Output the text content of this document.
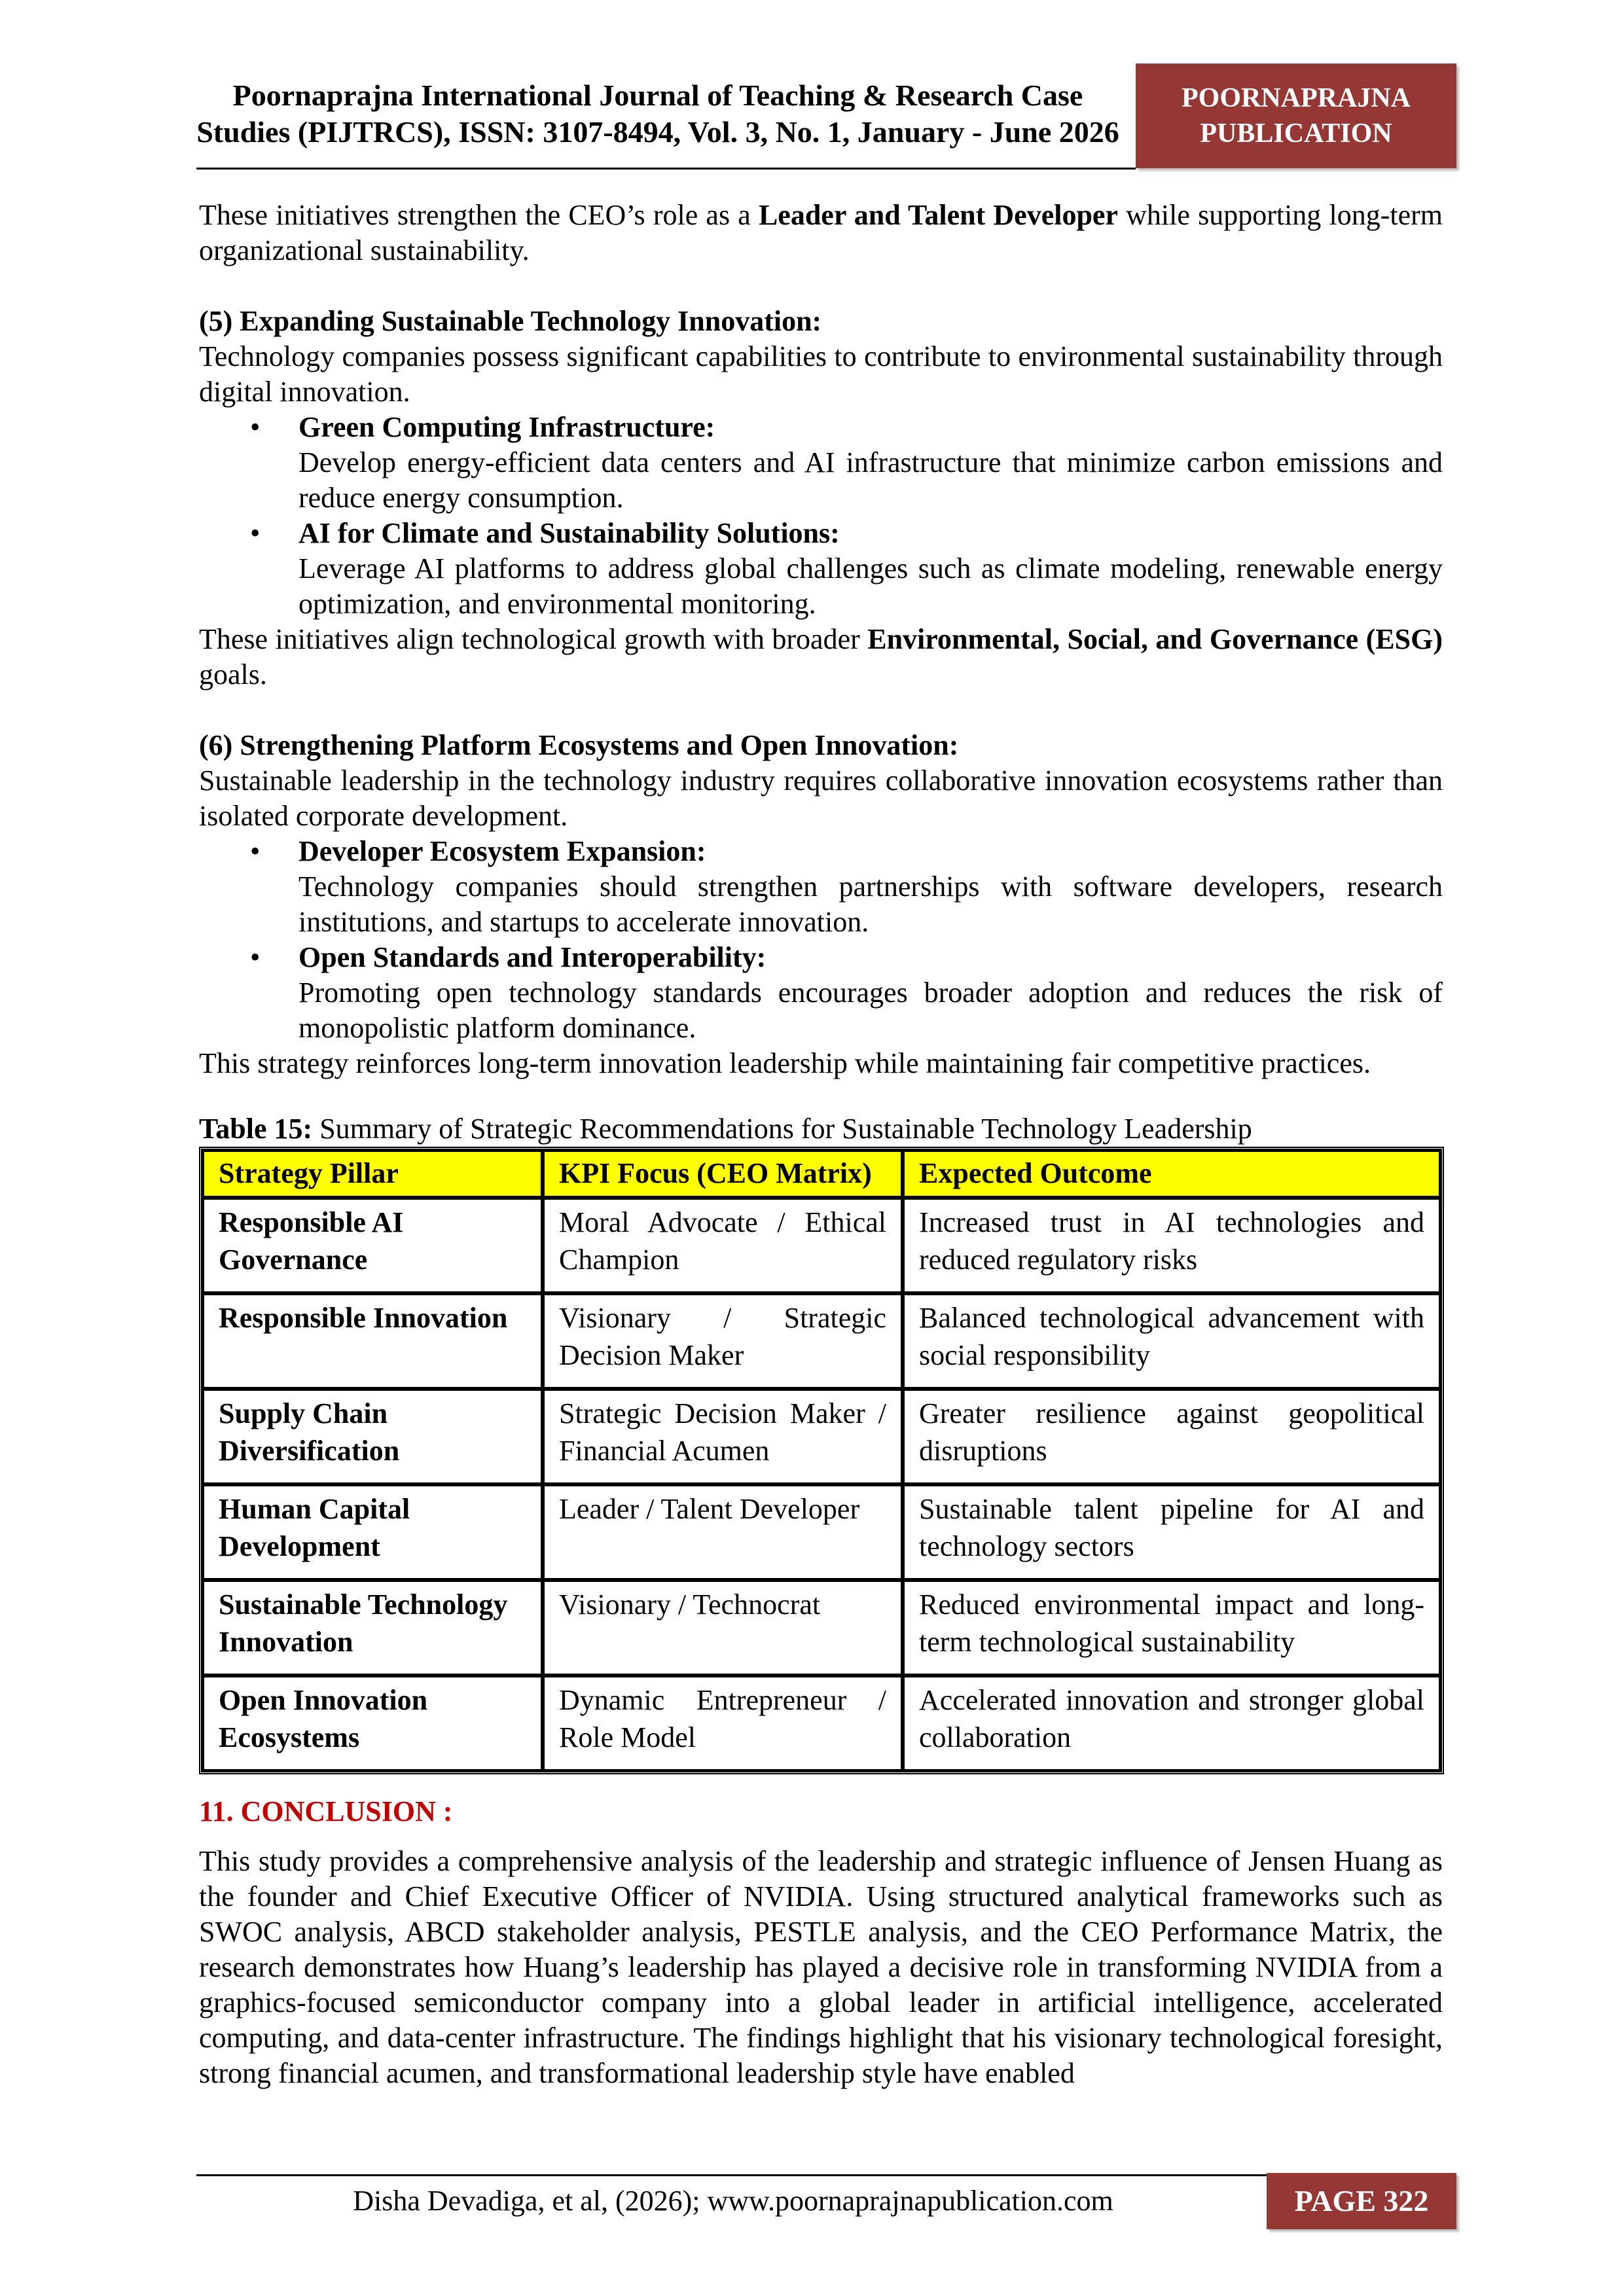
Poornaprajna International Journal of Teaching & Research Case
Studies (PIJTRCS), ISSN: 3107-8494, Vol. 3, No. 1, January - June 2026
POORNAPRAJNA
PUBLICATION

These initiatives strengthen the CEO’s role as a Leader and Talent Developer while supporting long-term organizational sustainability.

(5) Expanding Sustainable Technology Innovation:

Technology companies possess significant capabilities to contribute to environmental sustainability through digital innovation.

• Green Computing Infrastructure:
Develop energy-efficient data centers and AI infrastructure that minimize carbon emissions and reduce energy consumption.
• AI for Climate and Sustainability Solutions:
Leverage AI platforms to address global challenges such as climate modeling, renewable energy optimization, and environmental monitoring.

These initiatives align technological growth with broader Environmental, Social, and Governance (ESG) goals.

(6) Strengthening Platform Ecosystems and Open Innovation:

Sustainable leadership in the technology industry requires collaborative innovation ecosystems rather than isolated corporate development.

• Developer Ecosystem Expansion:
Technology companies should strengthen partnerships with software developers, research institutions, and startups to accelerate innovation.
• Open Standards and Interoperability:
Promoting open technology standards encourages broader adoption and reduces the risk of monopolistic platform dominance.

This strategy reinforces long-term innovation leadership while maintaining fair competitive practices.

Table 15: Summary of Strategic Recommendations for Sustainable Technology Leadership

Strategy Pillar	KPI Focus (CEO Matrix)	Expected Outcome
Responsible AI Governance	Moral Advocate / Ethical Champion	Increased trust in AI technologies and reduced regulatory risks
Responsible Innovation	Visionary / Strategic Decision Maker	Balanced technological advancement with social responsibility
Supply Chain Diversification	Strategic Decision Maker / Financial Acumen	Greater resilience against geopolitical disruptions
Human Capital Development	Leader / Talent Developer	Sustainable talent pipeline for AI and technology sectors
Sustainable Technology Innovation	Visionary / Technocrat	Reduced environmental impact and long-term technological sustainability
Open Innovation Ecosystems	Dynamic Entrepreneur / Role Model	Accelerated innovation and stronger global collaboration

11. CONCLUSION :

This study provides a comprehensive analysis of the leadership and strategic influence of Jensen Huang as the founder and Chief Executive Officer of NVIDIA. Using structured analytical frameworks such as SWOC analysis, ABCD stakeholder analysis, PESTLE analysis, and the CEO Performance Matrix, the research demonstrates how Huang’s leadership has played a decisive role in transforming NVIDIA from a graphics-focused semiconductor company into a global leader in artificial intelligence, accelerated computing, and data-center infrastructure. The findings highlight that his visionary technological foresight, strong financial acumen, and transformational leadership style have enabled

Disha Devadiga, et al, (2026); www.poornaprajnapublication.com	PAGE 322
